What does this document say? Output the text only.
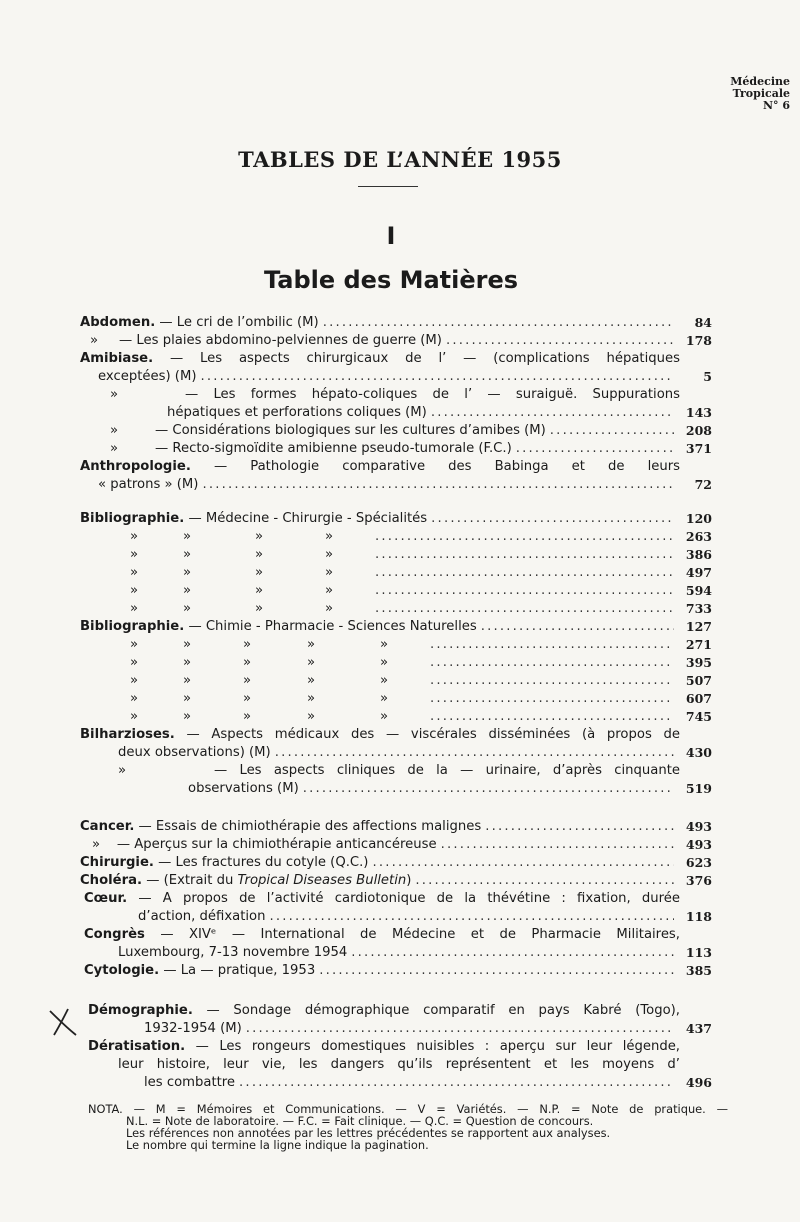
Médecine
Tropicale
N° 6
TABLES DE L’ANNÉE 1955
I
Table des Matières
Abdomen. — Le cri de l’ombilic (M) . . .	84
» — Les plaies abdomino-pelviennes de guerre (M) . . .	178
Amibiase. — Les aspects chirurgicaux de l’ — (complications hépatiques
exceptées) (M) . . .	5
»	— Les formes hépato-coliques de l’ — suraiguë. Suppurations
hépatiques et perforations coliques (M) . . .	143
»	— Considérations biologiques sur les cultures d’amibes (M) . . .	208
»	— Recto-sigmoïdite amibienne pseudo-tumorale (F.C.) . . .	371
Anthropologie. — Pathologie comparative des Babinga et de leurs
« patrons » (M) . . .	72
Bibliographie. — Médecine - Chirurgie - Spécialités . . .	120
»	»	»	» . . .	263
»	»	»	» . . .	386
»	»	»	» . . .	497
»	»	»	» . . .	594
»	»	»	» . . .	733
Bibliographie. — Chimie - Pharmacie - Sciences Naturelles . . .	127
»	»	»	»	» . . .	271
»	»	»	»	» . . .	395
»	»	»	»	» . . .	507
»	»	»	»	» . . .	607
»	»	»	»	» . . .	745
Bilharzioses. — Aspects médicaux des — viscérales disséminées (à propos de
deux observations) (M) . . .	430
»	— Les aspects cliniques de la — urinaire, d’après cinquante
observations (M) . . .	519
Cancer. — Essais de chimiothérapie des affections malignes . . .	493
» — Aperçus sur la chimiothérapie anticancéreuse . . .	493
Chirurgie. — Les fractures du cotyle (Q.C.) . . .	623
Choléra. — (Extrait du Tropical Diseases Bulletin) . . .	376
Cœur. — A propos de l’activité cardiotonique de la thévétine : fixation, durée
d’action, défixation . . .	118
Congrès — XIVᵉ — International de Médecine et de Pharmacie Militaires,
Luxembourg, 7-13 novembre 1954 . . .	113
Cytologie. — La — pratique, 1953 . . .	385
Démographie. — Sondage démographique comparatif en pays Kabré (Togo),
1932-1954 (M) . . .	437
Dératisation. — Les rongeurs domestiques nuisibles : aperçu sur leur légende,
leur histoire, leur vie, les dangers qu’ils représentent et les moyens d’
les combattre . . .	496
NOTA. — M = Mémoires et Communications. — V = Variétés. — N.P. = Note de pratique. —
N.L. = Note de laboratoire. — F.C. = Fait clinique. — Q.C. = Question de concours.
Les références non annotées par les lettres précédentes se rapportent aux analyses.
Le nombre qui termine la ligne indique la pagination.
